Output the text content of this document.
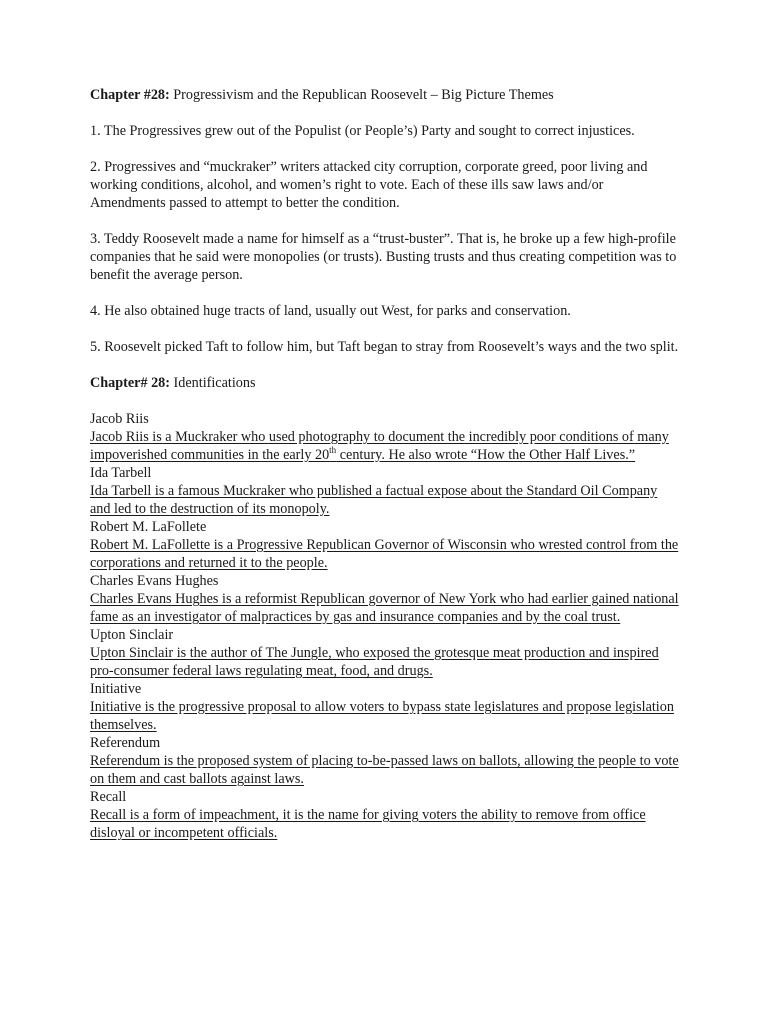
Chapter #28: Progressivism and the Republican Roosevelt – Big Picture Themes

1. The Progressives grew out of the Populist (or People’s) Party and sought to correct injustices.

2. Progressives and “muckraker” writers attacked city corruption, corporate greed, poor living and working conditions, alcohol, and women’s right to vote. Each of these ills saw laws and/or Amendments passed to attempt to better the condition.

3. Teddy Roosevelt made a name for himself as a “trust-buster”. That is, he broke up a few high-profile companies that he said were monopolies (or trusts). Busting trusts and thus creating competition was to benefit the average person.

4. He also obtained huge tracts of land, usually out West, for parks and conservation.

5. Roosevelt picked Taft to follow him, but Taft began to stray from Roosevelt’s ways and the two split.

Chapter# 28: Identifications

Jacob Riis

Jacob Riis is a Muckraker who used photography to document the incredibly poor conditions of many impoverished communities in the early 20th century. He also wrote “How the Other Half Lives.”

Ida Tarbell

Ida Tarbell is a famous Muckraker who published a factual expose about the Standard Oil Company and led to the destruction of its monopoly.

Robert M. LaFollete

Robert M. LaFollette is a Progressive Republican Governor of Wisconsin who wrested control from the corporations and returned it to the people.

Charles Evans Hughes

Charles Evans Hughes is a reformist Republican governor of New York who had earlier gained national fame as an investigator of malpractices by gas and insurance companies and by the coal trust.

Upton Sinclair

Upton Sinclair is the author of The Jungle, who exposed the grotesque meat production and inspired pro-consumer federal laws regulating meat, food, and drugs.

Initiative

Initiative is the progressive proposal to allow voters to bypass state legislatures and propose legislation themselves.

Referendum

Referendum is the proposed system of placing to-be-passed laws on ballots, allowing the people to vote on them and cast ballots against laws.

Recall

Recall is a form of impeachment, it is the name for giving voters the ability to remove from office disloyal or incompetent officials.
